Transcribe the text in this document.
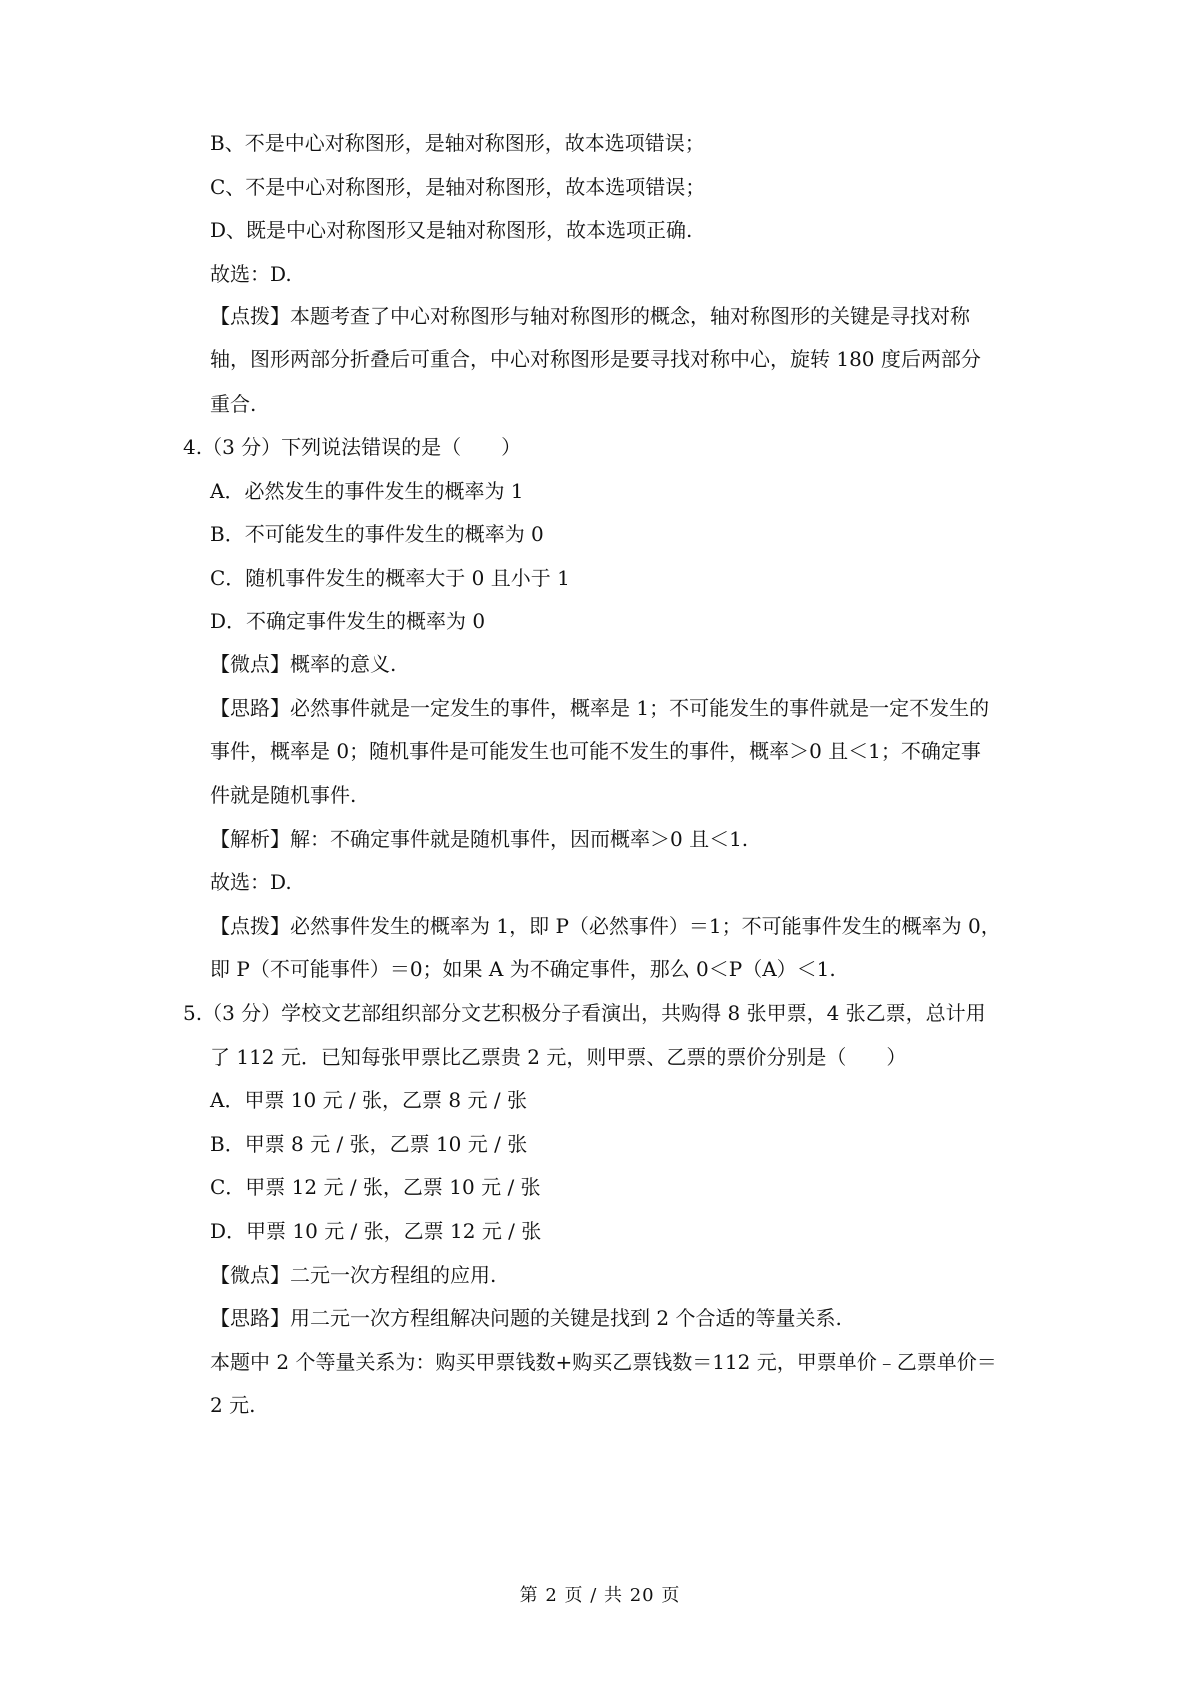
B、不是中心对称图形，是轴对称图形，故本选项错误；
C、不是中心对称图形，是轴对称图形，故本选项错误；
D、既是中心对称图形又是轴对称图形，故本选项正确.
故选：D.
【点拨】本题考查了中心对称图形与轴对称图形的概念，轴对称图形的关键是寻找对称
轴，图形两部分折叠后可重合，中心对称图形是要寻找对称中心，旋转 180 度后两部分
重合.
4.（3 分）下列说法错误的是（　　）
A．必然发生的事件发生的概率为 1
B．不可能发生的事件发生的概率为 0
C．随机事件发生的概率大于 0 且小于 1
D．不确定事件发生的概率为 0
【微点】概率的意义.
【思路】必然事件就是一定发生的事件，概率是 1；不可能发生的事件就是一定不发生的
事件，概率是 0；随机事件是可能发生也可能不发生的事件，概率＞0 且＜1；不确定事
件就是随机事件.
【解析】解：不确定事件就是随机事件，因而概率＞0 且＜1.
故选：D.
【点拨】必然事件发生的概率为 1，即 P（必然事件）＝1；不可能事件发生的概率为 0，
即 P（不可能事件）＝0；如果 A 为不确定事件，那么 0＜P（A）＜1.
5.（3 分）学校文艺部组织部分文艺积极分子看演出，共购得 8 张甲票，4 张乙票，总计用
了 112 元．已知每张甲票比乙票贵 2 元，则甲票、乙票的票价分别是（　　）
A．甲票 10 元 / 张，乙票 8 元 / 张
B．甲票 8 元 / 张，乙票 10 元 / 张
C．甲票 12 元 / 张，乙票 10 元 / 张
D．甲票 10 元 / 张，乙票 12 元 / 张
【微点】二元一次方程组的应用.
【思路】用二元一次方程组解决问题的关键是找到 2 个合适的等量关系.
本题中 2 个等量关系为：购买甲票钱数+购买乙票钱数＝112 元，甲票单价﹣乙票单价＝
2 元.
第 2 页 / 共 20 页
